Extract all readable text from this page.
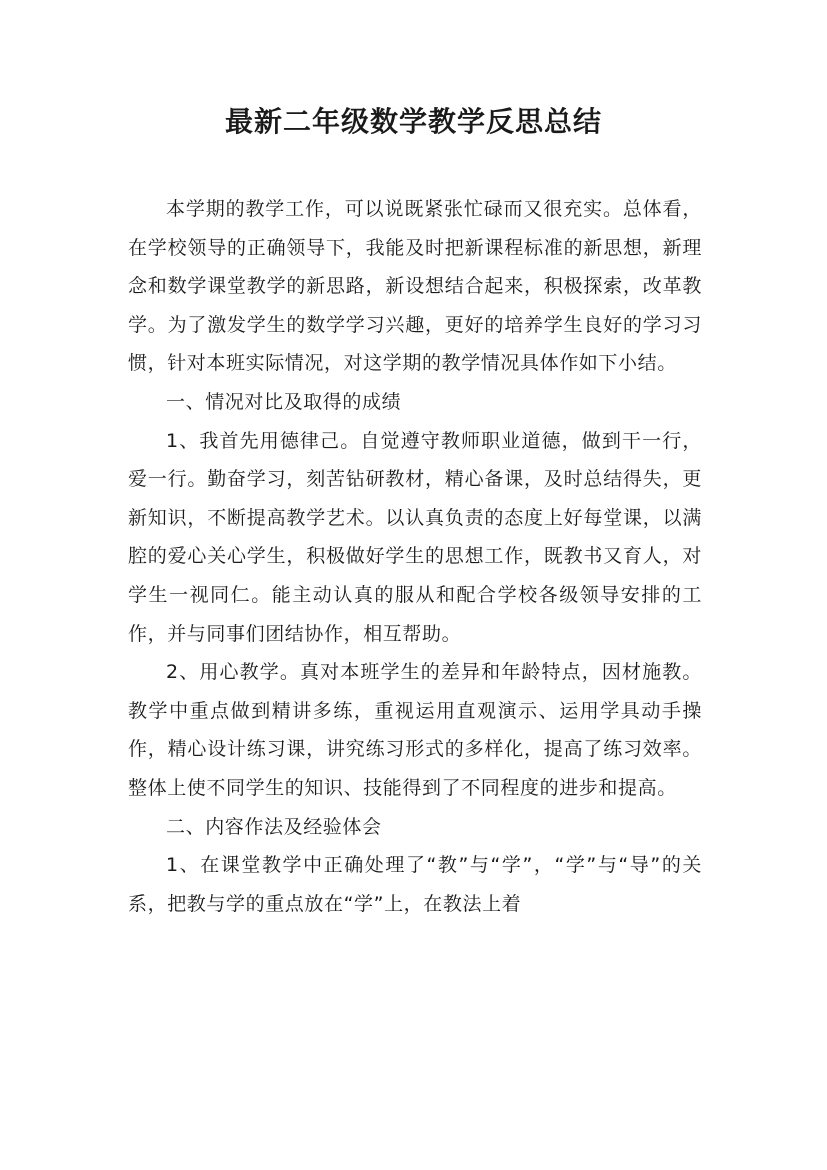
最新二年级数学教学反思总结

本学期的教学工作，可以说既紧张忙碌而又很充实。总体看，在学校领导的正确领导下，我能及时把新课程标准的新思想，新理念和数学课堂教学的新思路，新设想结合起来，积极探索，改革教学。为了激发学生的数学学习兴趣，更好的培养学生良好的学习习惯，针对本班实际情况，对这学期的教学情况具体作如下小结。

一、情况对比及取得的成绩

1、我首先用德律己。自觉遵守教师职业道德，做到干一行，爱一行。勤奋学习，刻苦钻研教材，精心备课，及时总结得失，更新知识，不断提高教学艺术。以认真负责的态度上好每堂课，以满腔的爱心关心学生，积极做好学生的思想工作，既教书又育人，对学生一视同仁。能主动认真的服从和配合学校各级领导安排的工作，并与同事们团结协作，相互帮助。

2、用心教学。真对本班学生的差异和年龄特点，因材施教。教学中重点做到精讲多练，重视运用直观演示、运用学具动手操作，精心设计练习课，讲究练习形式的多样化，提高了练习效率。整体上使不同学生的知识、技能得到了不同程度的进步和提高。

二、内容作法及经验体会

1、在课堂教学中正确处理了“教”与“学”，“学”与“导”的关系，把教与学的重点放在“学”上，在教法上着
